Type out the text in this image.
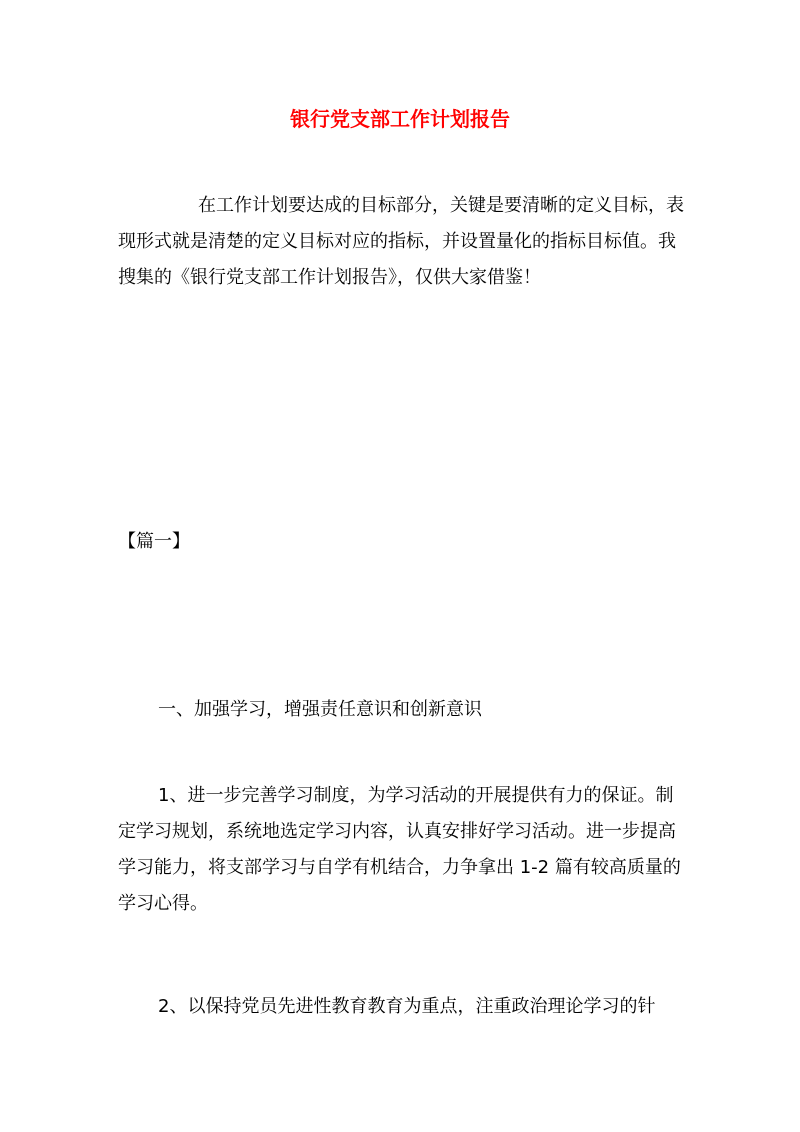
银行党支部工作计划报告

在工作计划要达成的目标部分，关键是要清晰的定义目标，表现形式就是清楚的定义目标对应的指标，并设置量化的指标目标值。我搜集的《银行党支部工作计划报告》，仅供大家借鉴！

【篇一】

一、加强学习，增强责任意识和创新意识

1、进一步完善学习制度，为学习活动的开展提供有力的保证。制定学习规划，系统地选定学习内容，认真安排好学习活动。进一步提高学习能力，将支部学习与自学有机结合，力争拿出 1-2 篇有较高质量的学习心得。

2、以保持党员先进性教育教育为重点，注重政治理论学习的针
